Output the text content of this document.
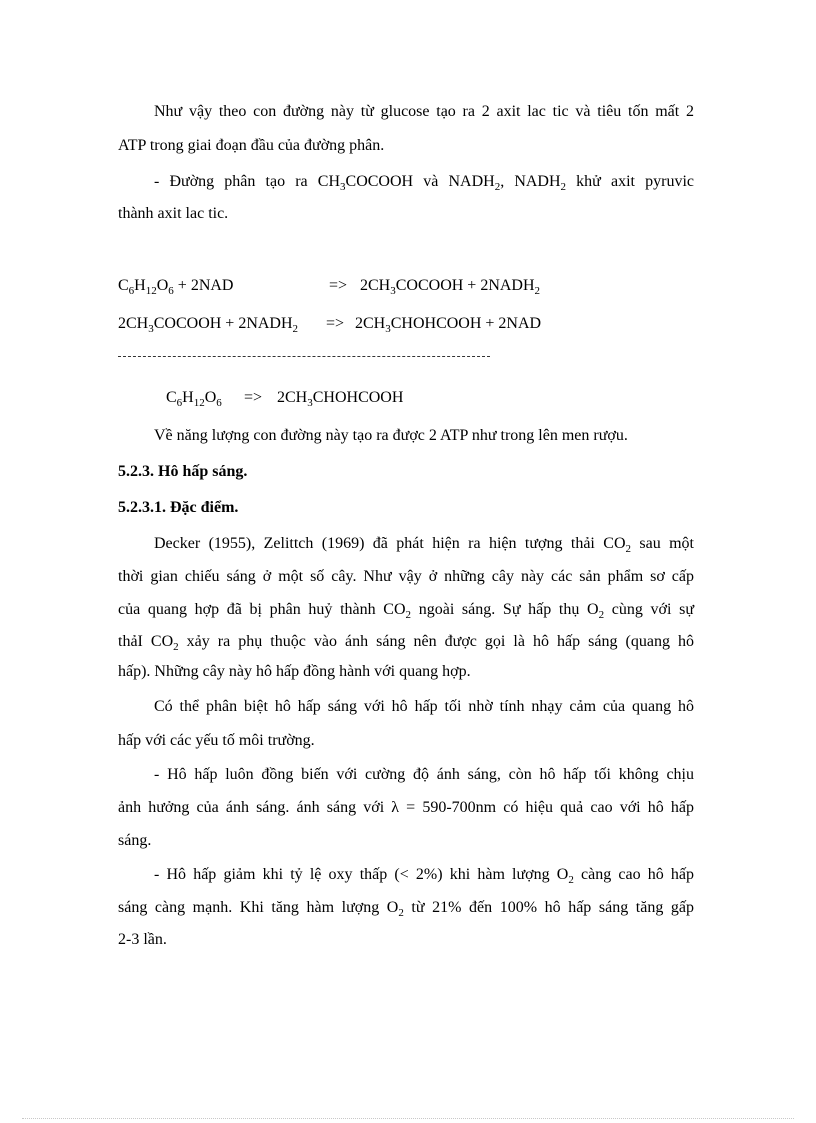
Như vậy theo con đường này từ glucose tạo ra 2 axit lac tic và tiêu tốn mất 2
ATP trong giai đoạn đầu của đường phân.
- Đường phân tạo ra $CH_3COCOOH$ và $NADH_2$, $NADH_2$ khử axit pyruvic
thành axit lac tic.
$C_6H_{12}O_6 + 2NAD$	=> $2CH_3COCOOH$ + $2NADH_2$
$2CH_3COCOOH$ + $2NADH_2$ => $2CH_3CHOHCOOH + 2NAD$
$C_6H_{12}O_6$ => $2CH_3CHOHCOOH$
Về năng lượng con đường này tạo ra được 2 ATP như trong lên men rượu.
5.2.3. Hô hấp sáng.
5.2.3.1. Đặc điểm.
Decker (1955), Zelittch (1969) đã phát hiện ra hiện tượng thải $CO_2$ sau một
thời gian chiếu sáng ở một số cây. Như vậy ở những cây này các sản phẩm sơ cấp
của quang hợp đã bị phân huỷ thành $CO_2$ ngoài sáng. Sự hấp thụ $O_2$ cùng với sự
thảI $CO_2$ xảy ra phụ thuộc vào ánh sáng nên được gọi là hô hấp sáng (quang hô
hấp). Những cây này hô hấp đồng hành với quang hợp.
Có thể phân biệt hô hấp sáng với hô hấp tối nhờ tính nhạy cảm của quang hô
hấp với các yếu tố môi trường.
- Hô hấp luôn đồng biến với cường độ ánh sáng, còn hô hấp tối không chịu
ảnh hưởng của ánh sáng. ánh sáng với λ = 590-700nm có hiệu quả cao với hô hấp
sáng.
- Hô hấp giảm khi tỷ lệ oxy thấp (< 2%) khi hàm lượng $O_2$ càng cao hô hấp
sáng càng mạnh. Khi tăng hàm lượng $O_2$ từ 21% đến 100% hô hấp sáng tăng gấp
2-3 lần.
